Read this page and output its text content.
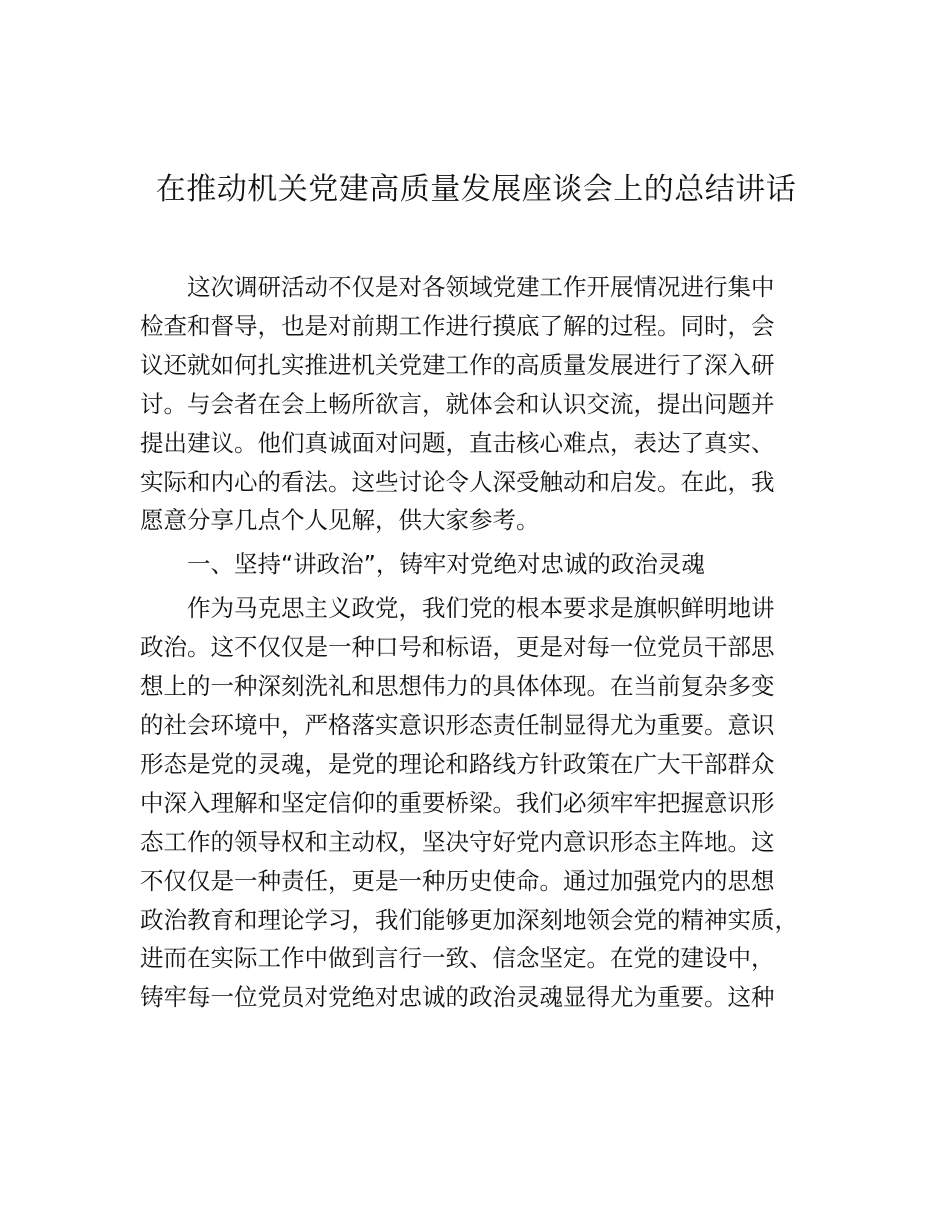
在推动机关党建高质量发展座谈会上的总结讲话

这次调研活动不仅是对各领域党建工作开展情况进行集中
检查和督导，也是对前期工作进行摸底了解的过程。同时，会
议还就如何扎实推进机关党建工作的高质量发展进行了深入研
讨。与会者在会上畅所欲言，就体会和认识交流，提出问题并
提出建议。他们真诚面对问题，直击核心难点，表达了真实、
实际和内心的看法。这些讨论令人深受触动和启发。在此，我
愿意分享几点个人见解，供大家参考。

一、坚持“讲政治”，铸牢对党绝对忠诚的政治灵魂

作为马克思主义政党，我们党的根本要求是旗帜鲜明地讲
政治。这不仅仅是一种口号和标语，更是对每一位党员干部思
想上的一种深刻洗礼和思想伟力的具体体现。在当前复杂多变
的社会环境中，严格落实意识形态责任制显得尤为重要。意识
形态是党的灵魂，是党的理论和路线方针政策在广大干部群众
中深入理解和坚定信仰的重要桥梁。我们必须牢牢把握意识形
态工作的领导权和主动权，坚决守好党内意识形态主阵地。这
不仅仅是一种责任，更是一种历史使命。通过加强党内的思想
政治教育和理论学习，我们能够更加深刻地领会党的精神实质，
进而在实际工作中做到言行一致、信念坚定。在党的建设中，
铸牢每一位党员对党绝对忠诚的政治灵魂显得尤为重要。这种
